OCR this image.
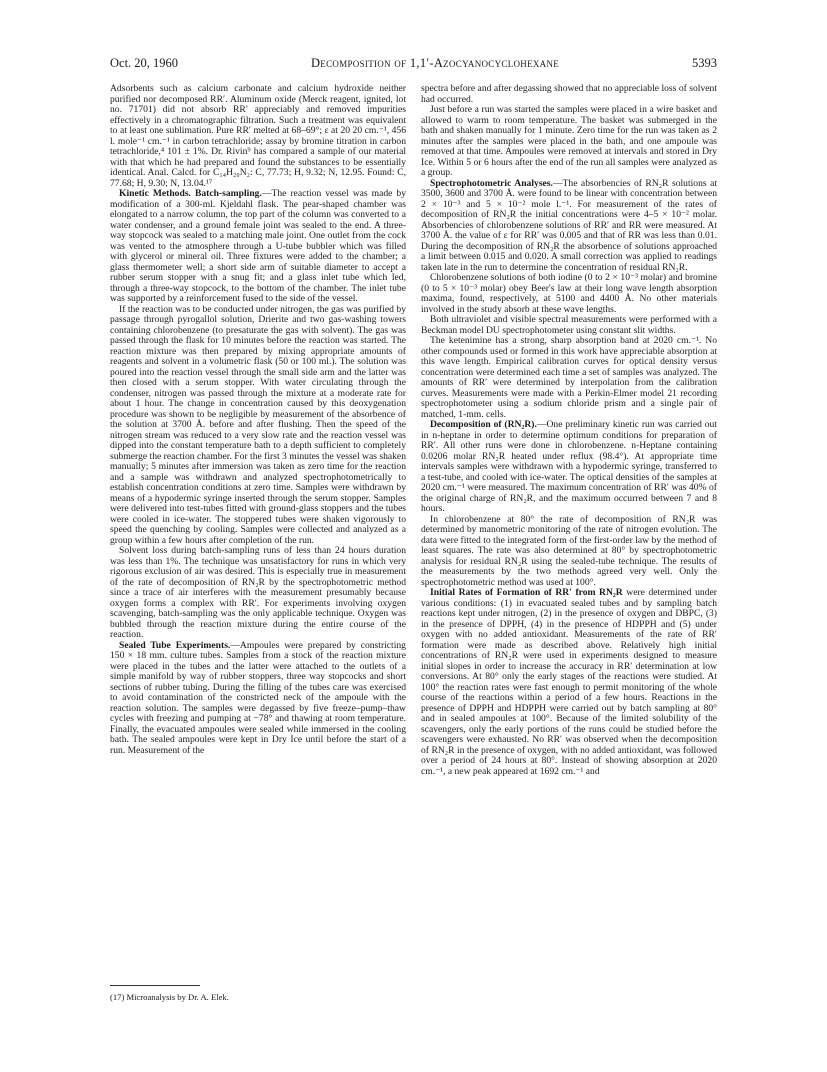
Oct. 20, 1960	Decomposition of 1,1′-Azocyanocyclohexane	5393

Adsorbents such as calcium carbonate and calcium hydroxide neither purified nor decomposed RR′. Aluminum oxide (Merck reagent, ignited, lot no. 71701) did not absorb RR′ appreciably and removed impurities effectively in a chromatographic filtration. Such a treatment was equivalent to at least one sublimation. Pure RR′ melted at 68–69°; ε at 20 20 cm.⁻¹, 456 l. mole⁻¹ cm.⁻¹ in carbon tetrachloride; assay by bromine titration in carbon tetrachloride,⁴ 101 ± 1%. Dr. Rivin⁹ has compared a sample of our material with that which he had prepared and found the substances to be essentially identical. Anal. Calcd. for C₁₄H₂₀N₂: C, 77.73; H, 9.32; N, 12.95. Found: C, 77.68; H, 9.30; N, 13.04.¹⁷

Kinetic Methods. Batch-sampling.—The reaction vessel was made by modification of a 300-ml. Kjeldahl flask. The pear-shaped chamber was elongated to a narrow column, the top part of the column was converted to a water condenser, and a ground female joint was sealed to the end. A three-way stopcock was sealed to a matching male joint. One outlet from the cock was vented to the atmosphere through a U-tube bubbler which was filled with glycerol or mineral oil. Three fixtures were added to the chamber; a glass thermometer well; a short side arm of suitable diameter to accept a rubber serum stopper with a snug fit; and a glass inlet tube which led, through a three-way stopcock, to the bottom of the chamber. The inlet tube was supported by a reinforcement fused to the side of the vessel.

If the reaction was to be conducted under nitrogen, the gas was purified by passage through pyrogallol solution, Drierite and two gas-washing towers containing chlorobenzene (to presaturate the gas with solvent). The gas was passed through the flask for 10 minutes before the reaction was started. The reaction mixture was then prepared by mixing appropriate amounts of reagents and solvent in a volumetric flask (50 or 100 ml.). The solution was poured into the reaction vessel through the small side arm and the latter was then closed with a serum stopper. With water circulating through the condenser, nitrogen was passed through the mixture at a moderate rate for about 1 hour. The change in concentration caused by this deoxygenation procedure was shown to be negligible by measurement of the absorbence of the solution at 3700 Å. before and after flushing. Then the speed of the nitrogen stream was reduced to a very slow rate and the reaction vessel was dipped into the constant temperature bath to a depth sufficient to completely submerge the reaction chamber. For the first 3 minutes the vessel was shaken manually; 5 minutes after immersion was taken as zero time for the reaction and a sample was withdrawn and analyzed spectrophotometrically to establish concentration conditions at zero time. Samples were withdrawn by means of a hypodermic syringe inserted through the serum stopper. Samples were delivered into test-tubes fitted with ground-glass stoppers and the tubes were cooled in ice-water. The stoppered tubes were shaken vigorously to speed the quenching by cooling. Samples were collected and analyzed as a group within a few hours after completion of the run.

Solvent loss during batch-sampling runs of less than 24 hours duration was less than 1%. The technique was unsatisfactory for runs in which very rigorous exclusion of air was desired. This is especially true in measurement of the rate of decomposition of RN₂R by the spectrophotometric method since a trace of air interferes with the measurement presumably because oxygen forms a complex with RR′. For experiments involving oxygen scavenging, batch-sampling was the only applicable technique. Oxygen was bubbled through the reaction mixture during the entire course of the reaction.

Sealed Tube Experiments.—Ampoules were prepared by constricting 150 × 18 mm. culture tubes. Samples from a stock of the reaction mixture were placed in the tubes and the latter were attached to the outlets of a simple manifold by way of rubber stoppers, three way stopcocks and short sections of rubber tubing. During the filling of the tubes care was exercised to avoid contamination of the constricted neck of the ampoule with the reaction solution. The samples were degassed by five freeze–pump–thaw cycles with freezing and pumping at −78° and thawing at room temperature. Finally, the evacuated ampoules were sealed while immersed in the cooling bath. The sealed ampoules were kept in Dry Ice until before the start of a run. Measurement of the

(17) Microanalysis by Dr. A. Elek.

spectra before and after degassing showed that no appreciable loss of solvent had occurred.

Just before a run was started the samples were placed in a wire basket and allowed to warm to room temperature. The basket was submerged in the bath and shaken manually for 1 minute. Zero time for the run was taken as 2 minutes after the samples were placed in the bath, and one ampoule was removed at that time. Ampoules were removed at intervals and stored in Dry Ice. Within 5 or 6 hours after the end of the run all samples were analyzed as a group.

Spectrophotometric Analyses.—The absorbencies of RN₂R solutions at 3500, 3600 and 3700 Å. were found to be linear with concentration between 2 × 10⁻³ and 5 × 10⁻² mole l.⁻¹. For measurement of the rates of decomposition of RN₂R the initial concentrations were 4–5 × 10⁻² molar. Absorbencies of chlorobenzene solutions of RR′ and RR were measured. At 3700 Å. the value of ε for RR′ was 0.005 and that of RR was less than 0.01. During the decomposition of RN₂R the absorbence of solutions approached a limit between 0.015 and 0.020. A small correction was applied to readings taken late in the run to determine the concentration of residual RN₂R.

Chlorobenzene solutions of both iodine (0 to 2 × 10⁻³ molar) and bromine (0 to 5 × 10⁻³ molar) obey Beer's law at their long wave length absorption maxima, found, respectively, at 5100 and 4400 Å. No other materials involved in the study absorb at these wave lengths.

Both ultraviolet and visible spectral measurements were performed with a Beckman model DU spectrophotometer using constant slit widths.

The ketenimine has a strong, sharp absorption band at 2020 cm.⁻¹. No other compounds used or formed in this work have appreciable absorption at this wave length. Empirical calibration curves for optical density versus concentration were determined each time a set of samples was analyzed. The amounts of RR′ were determined by interpolation from the calibration curves. Measurements were made with a Perkin-Elmer model 21 recording spectrophotometer using a sodium chloride prism and a single pair of matched, 1-mm. cells.

Decomposition of (RN₂R).—One preliminary kinetic run was carried out in n-heptane in order to determine optimum conditions for preparation of RR′. All other runs were done in chlorobenzene. n-Heptane containing 0.0206 molar RN₂R heated under reflux (98.4°). At appropriate time intervals samples were withdrawn with a hypodermic syringe, transferred to a test-tube, and cooled with ice-water. The optical densities of the samples at 2020 cm.⁻¹ were measured. The maximum concentration of RR′ was 40% of the original charge of RN₂R, and the maximum occurred between 7 and 8 hours.

In chlorobenzene at 80° the rate of decomposition of RN₂R was determined by manometric monitoring of the rate of nitrogen evolution. The data were fitted to the integrated form of the first-order law by the method of least squares. The rate was also determined at 80° by spectrophotometric analysis for residual RN₂R using the sealed-tube technique. The results of the measurements by the two methods agreed very well. Only the spectrophotometric method was used at 100°.

Initial Rates of Formation of RR′ from RN₂R were determined under various conditions: (1) in evacuated sealed tubes and by sampling batch reactions kept under nitrogen, (2) in the presence of oxygen and DBPC, (3) in the presence of DPPH, (4) in the presence of HDPPH and (5) under oxygen with no added antioxidant. Measurements of the rate of RR′ formation were made as described above. Relatively high initial concentrations of RN₂R were used in experiments designed to measure initial slopes in order to increase the accuracy in RR′ determination at low conversions. At 80° only the early stages of the reactions were studied. At 100° the reaction rates were fast enough to permit monitoring of the whole course of the reactions within a period of a few hours. Reactions in the presence of DPPH and HDPPH were carried out by batch sampling at 80° and in sealed ampoules at 100°. Because of the limited solubility of the scavengers, only the early portions of the runs could be studied before the scavengers were exhausted. No RR′ was observed when the decomposition of RN₂R in the presence of oxygen, with no added antioxidant, was followed over a period of 24 hours at 80°. Instead of showing absorption at 2020 cm.⁻¹, a new peak appeared at 1692 cm.⁻¹ and
